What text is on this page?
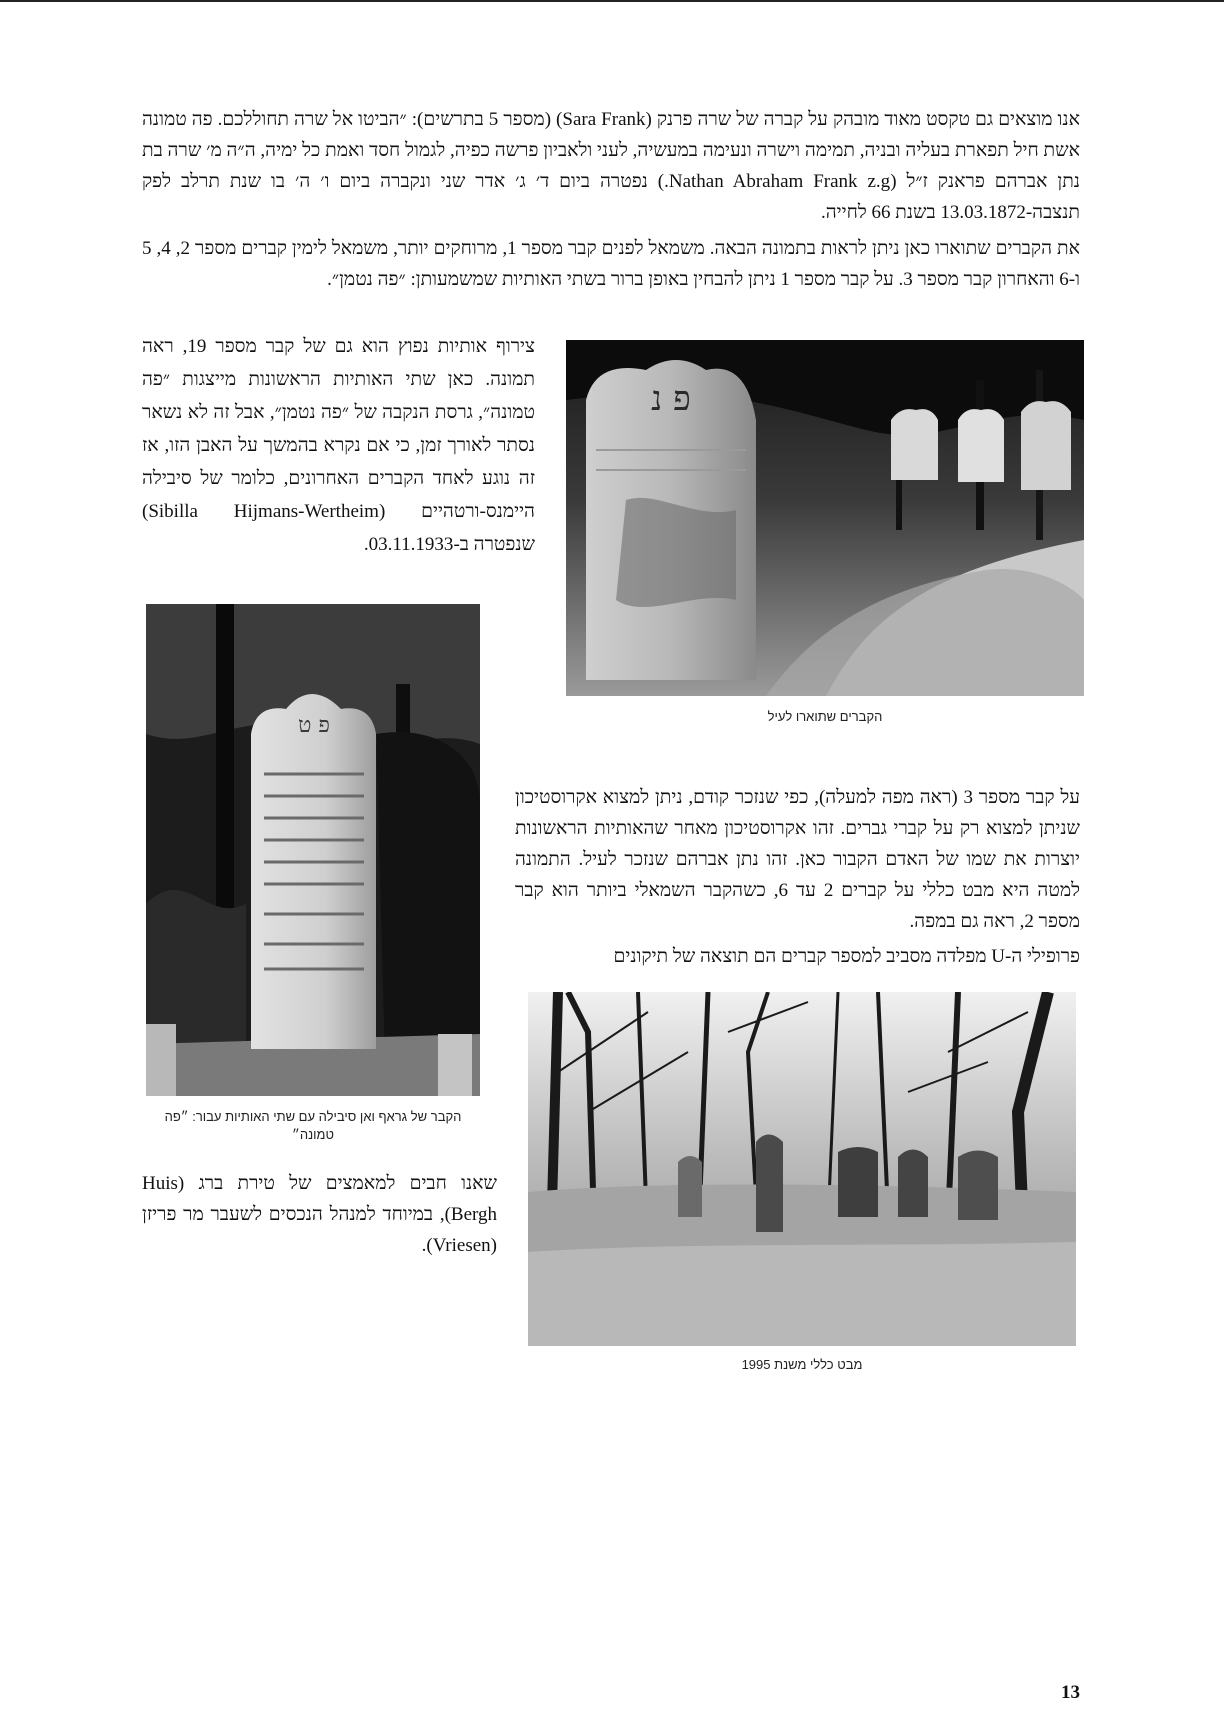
אנו מוצאים גם טקסט מאוד מובהק על קברה של שרה פרנק (Sara Frank) (מספר 5 בתרשים): ״הביטו אל שרה תחוללכם. פה טמונה אשת חיל תפארת בעליה ובניה, תמימה וישרה ונעימה במעשיה, לעני ולאביון פרשה כפיה, לגמול חסד ואמת כל ימיה, ה״ה מ׳ שרה בת נתן אברהם פראנק ז״ל (Nathan Abraham Frank z.g.) נפטרה ביום ד׳ ג׳ אדר שני ונקברה ביום ו׳ ה׳ בו שנת תרלב לפק תנצבה-13.03.1872 בשנת 66 לחייה.

את הקברים שתוארו כאן ניתן לראות בתמונה הבאה. משמאל לפנים קבר מספר 1, מרוחקים יותר, משמאל לימין קברים מספר 2, 4, 5 ו-6 והאחרון קבר מספר 3. על קבר מספר 1 ניתן להבחין באופן ברור בשתי האותיות שמשמעותן: ״פה נטמן״.

צירוף אותיות נפוץ הוא גם של קבר מספר 19, ראה תמונה. כאן שתי האותיות הראשונות מייצגות ״פה טמונה״, גרסת הנקבה של ״פה נטמן״, אבל זה לא נשאר נסתר לאורך זמן, כי אם נקרא בהמשך על האבן הזו, אז זה נוגע לאחד הקברים האחרונים, כלומר של סיבילה היימנס-ורטהיים (Sibilla Hijmans-Wertheim) שנפטרה ב-03.11.1933.

פ נ

הקברים שתוארו לעיל

פ ט

הקבר של גראף ואן סיבילה עם שתי האותיות עבור: ״פה טמונה״

על קבר מספר 3 (ראה מפה למעלה), כפי שנזכר קודם, ניתן למצוא אקרוסטיכון שניתן למצוא רק על קברי גברים. זהו אקרוסטיכון מאחר שהאותיות הראשונות יוצרות את שמו של האדם הקבור כאן. זהו נתן אברהם שנזכר לעיל. התמונה למטה היא מבט כללי על קברים 2 עד 6, כשהקבר השמאלי ביותר הוא קבר מספר 2, ראה גם במפה.

פרופילי ה-U מפלדה מסביב למספר קברים הם תוצאה של תיקונים

שאנו חבים למאמצים של טירת ברג (Huis Bergh), במיוחד למנהל הנכסים לשעבר מר פריזן (Vriesen).

מבט כללי משנת 1995

13
